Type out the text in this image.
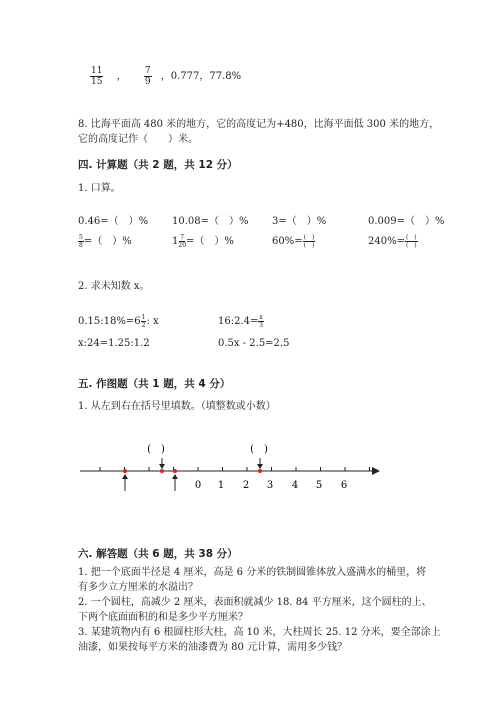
$\frac{11}{15}$ ， $\frac{7}{9}$ ，0.777，77.8%
8. 比海平面高 480 米的地方，它的高度记为+480，比海平面低 300 米的地方，
它的高度记作（　　）米。
四. 计算题（共 2 题，共 12 分）
1. 口算。
0.46=（　）% 10.08=（　）% 3=（　）%	0.009=（　）%
$\frac{5}{8}$ =（　）%	$1 \frac{7}{20}$ =（　）%	$60\%= \frac{( )}{( )}$	$240\%= \frac{( )}{( )}$
2. 求未知数 x。
0.15:18%=6 $\frac{1}{2}$ : x	16:2.4= $\frac{x}{3}$
x:24=1.25:1.2	0.5x - 2.5=2.5
五. 作图题（共 1 题，共 4 分）
1. 从左到右在括号里填数。（填整数或小数）
0 1 2 3 4 5 6
(　)	(　)
六. 解答题（共 6 题，共 38 分）
1. 把一个底面半径是 4 厘米，高是 6 分米的铁制圆锥体放入盛满水的桶里，将
有多少立方厘米的水溢出？
2. 一个圆柱，高减少 2 厘米，表面积就减少 18. 84 平方厘米，这个圆柱的上、
下两个底面面积的和是多少平方厘米？
3. 某建筑物内有 6 根圆柱形大柱，高 10 米，大柱周长 25. 12 分米，要全部涂上
油漆，如果按每平方米的油漆费为 80 元计算，需用多少钱？
